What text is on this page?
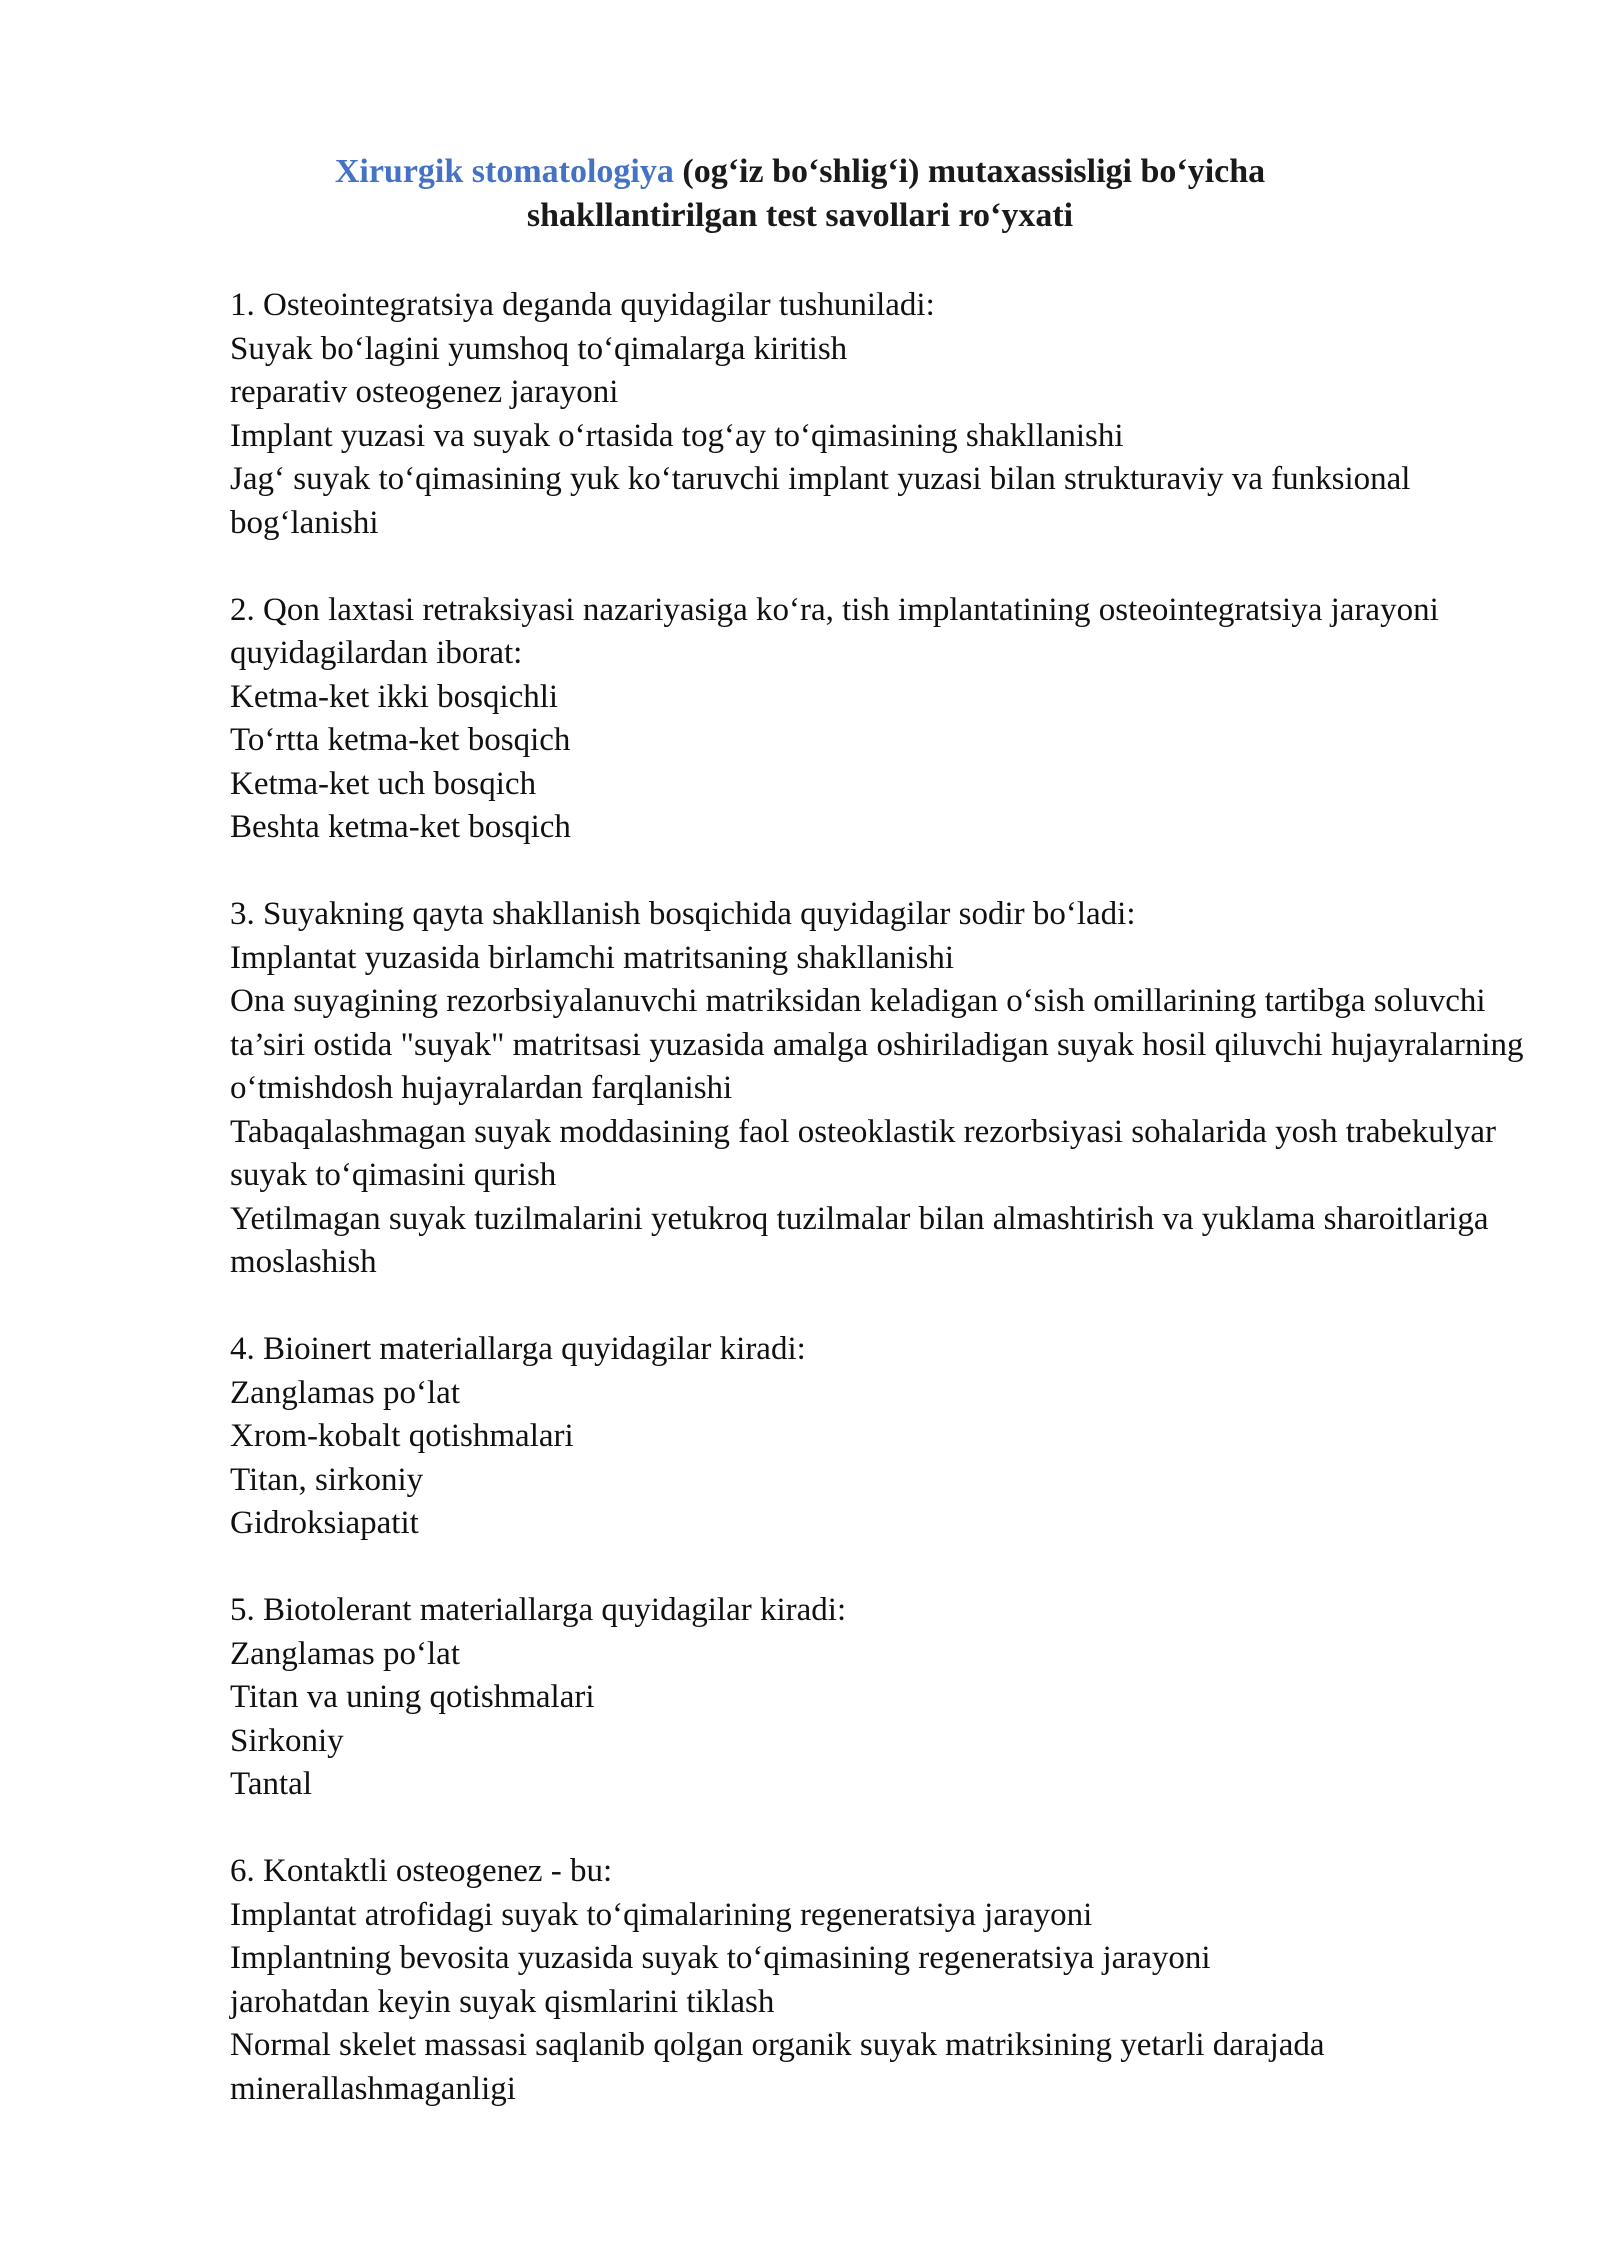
Xirurgik stomatologiya (og‘iz bo‘shlig‘i) mutaxassisligi bo‘yicha
shakllantirilgan test savollari ro‘yxati
1. Osteointegratsiya deganda quyidagilar tushuniladi:
Suyak bo‘lagini yumshoq to‘qimalarga kiritish
reparativ osteogenez jarayoni
Implant yuzasi va suyak o‘rtasida tog‘ay to‘qimasining shakllanishi
Jag‘ suyak to‘qimasining yuk ko‘taruvchi implant yuzasi bilan strukturaviy va funksional bog‘lanishi
2. Qon laxtasi retraksiyasi nazariyasiga ko‘ra, tish implantatining osteointegratsiya jarayoni quyidagilardan iborat:
Ketma-ket ikki bosqichli
To‘rtta ketma-ket bosqich
Ketma-ket uch bosqich
Beshta ketma-ket bosqich
3. Suyakning qayta shakllanish bosqichida quyidagilar sodir bo‘ladi:
Implantat yuzasida birlamchi matritsaning shakllanishi
Ona suyagining rezorbsiyalanuvchi matriksidan keladigan o‘sish omillarining tartibga soluvchi ta’siri ostida "suyak" matritsasi yuzasida amalga oshiriladigan suyak hosil qiluvchi hujayralarning o‘tmishdosh hujayralardan farqlanishi
Tabaqalashmagan suyak moddasining faol osteoklastik rezorbsiyasi sohalarida yosh trabekulyar suyak to‘qimasini qurish
Yetilmagan suyak tuzilmalarini yetukroq tuzilmalar bilan almashtirish va yuklama sharoitlariga moslashish
4. Bioinert materiallarga quyidagilar kiradi:
Zanglamas po‘lat
Xrom-kobalt qotishmalari
Titan, sirkoniy
Gidroksiapatit
5. Biotolerant materiallarga quyidagilar kiradi:
Zanglamas po‘lat
Titan va uning qotishmalari
Sirkoniy
Tantal
6. Kontaktli osteogenez - bu:
Implantat atrofidagi suyak to‘qimalarining regeneratsiya jarayoni
Implantning bevosita yuzasida suyak to‘qimasining regeneratsiya jarayoni
jarohatdan keyin suyak qismlarini tiklash
Normal skelet massasi saqlanib qolgan organik suyak matriksining yetarli darajada minerallashmaganligi
